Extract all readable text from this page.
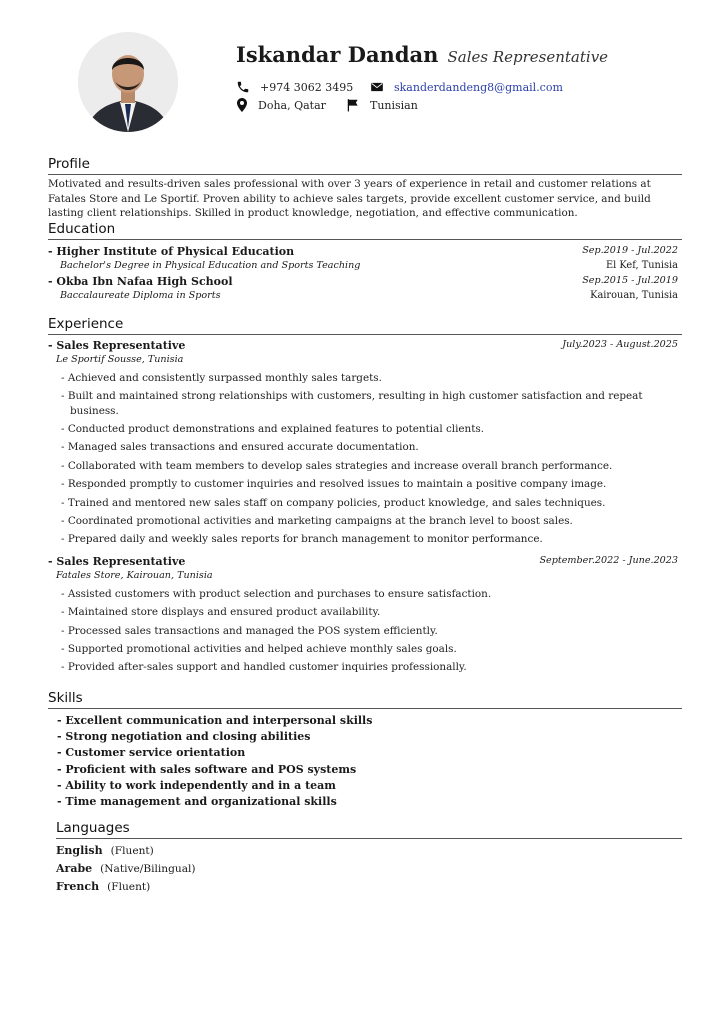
Iskandar Dandan Sales Representative
+974 3062 3495	skanderdandeng8@gmail.com
Doha, Qatar	Tunisian
Profile
Motivated and results-driven sales professional with over 3 years of experience in retail and customer relations at Fatales Store and Le Sportif. Proven ability to achieve sales targets, provide excellent customer service, and build lasting client relationships. Skilled in product knowledge, negotiation, and effective communication.
Education
- Higher Institute of Physical Education	Sep.2019 - Jul.2022
Bachelor's Degree in Physical Education and Sports Teaching	El Kef, Tunisia
- Okba Ibn Nafaa High School	Sep.2015 - Jul.2019
Baccalaureate Diploma in Sports	Kairouan, Tunisia
Experience
- Sales Representative	July.2023 - August.2025
Le Sportif Sousse, Tunisia
- Achieved and consistently surpassed monthly sales targets.
- Built and maintained strong relationships with customers, resulting in high customer satisfaction and repeat business.
- Conducted product demonstrations and explained features to potential clients.
- Managed sales transactions and ensured accurate documentation.
- Collaborated with team members to develop sales strategies and increase overall branch performance.
- Responded promptly to customer inquiries and resolved issues to maintain a positive company image.
- Trained and mentored new sales staff on company policies, product knowledge, and sales techniques.
- Coordinated promotional activities and marketing campaigns at the branch level to boost sales.
- Prepared daily and weekly sales reports for branch management to monitor performance.
- Sales Representative	September.2022 - June.2023
Fatales Store, Kairouan, Tunisia
- Assisted customers with product selection and purchases to ensure satisfaction.
- Maintained store displays and ensured product availability.
- Processed sales transactions and managed the POS system efficiently.
- Supported promotional activities and helped achieve monthly sales goals.
- Provided after-sales support and handled customer inquiries professionally.
Skills
- Excellent communication and interpersonal skills
- Strong negotiation and closing abilities
- Customer service orientation
- Proficient with sales software and POS systems
- Ability to work independently and in a team
- Time management and organizational skills
Languages
English (Fluent)
Arabe (Native/Bilingual)
French (Fluent)
